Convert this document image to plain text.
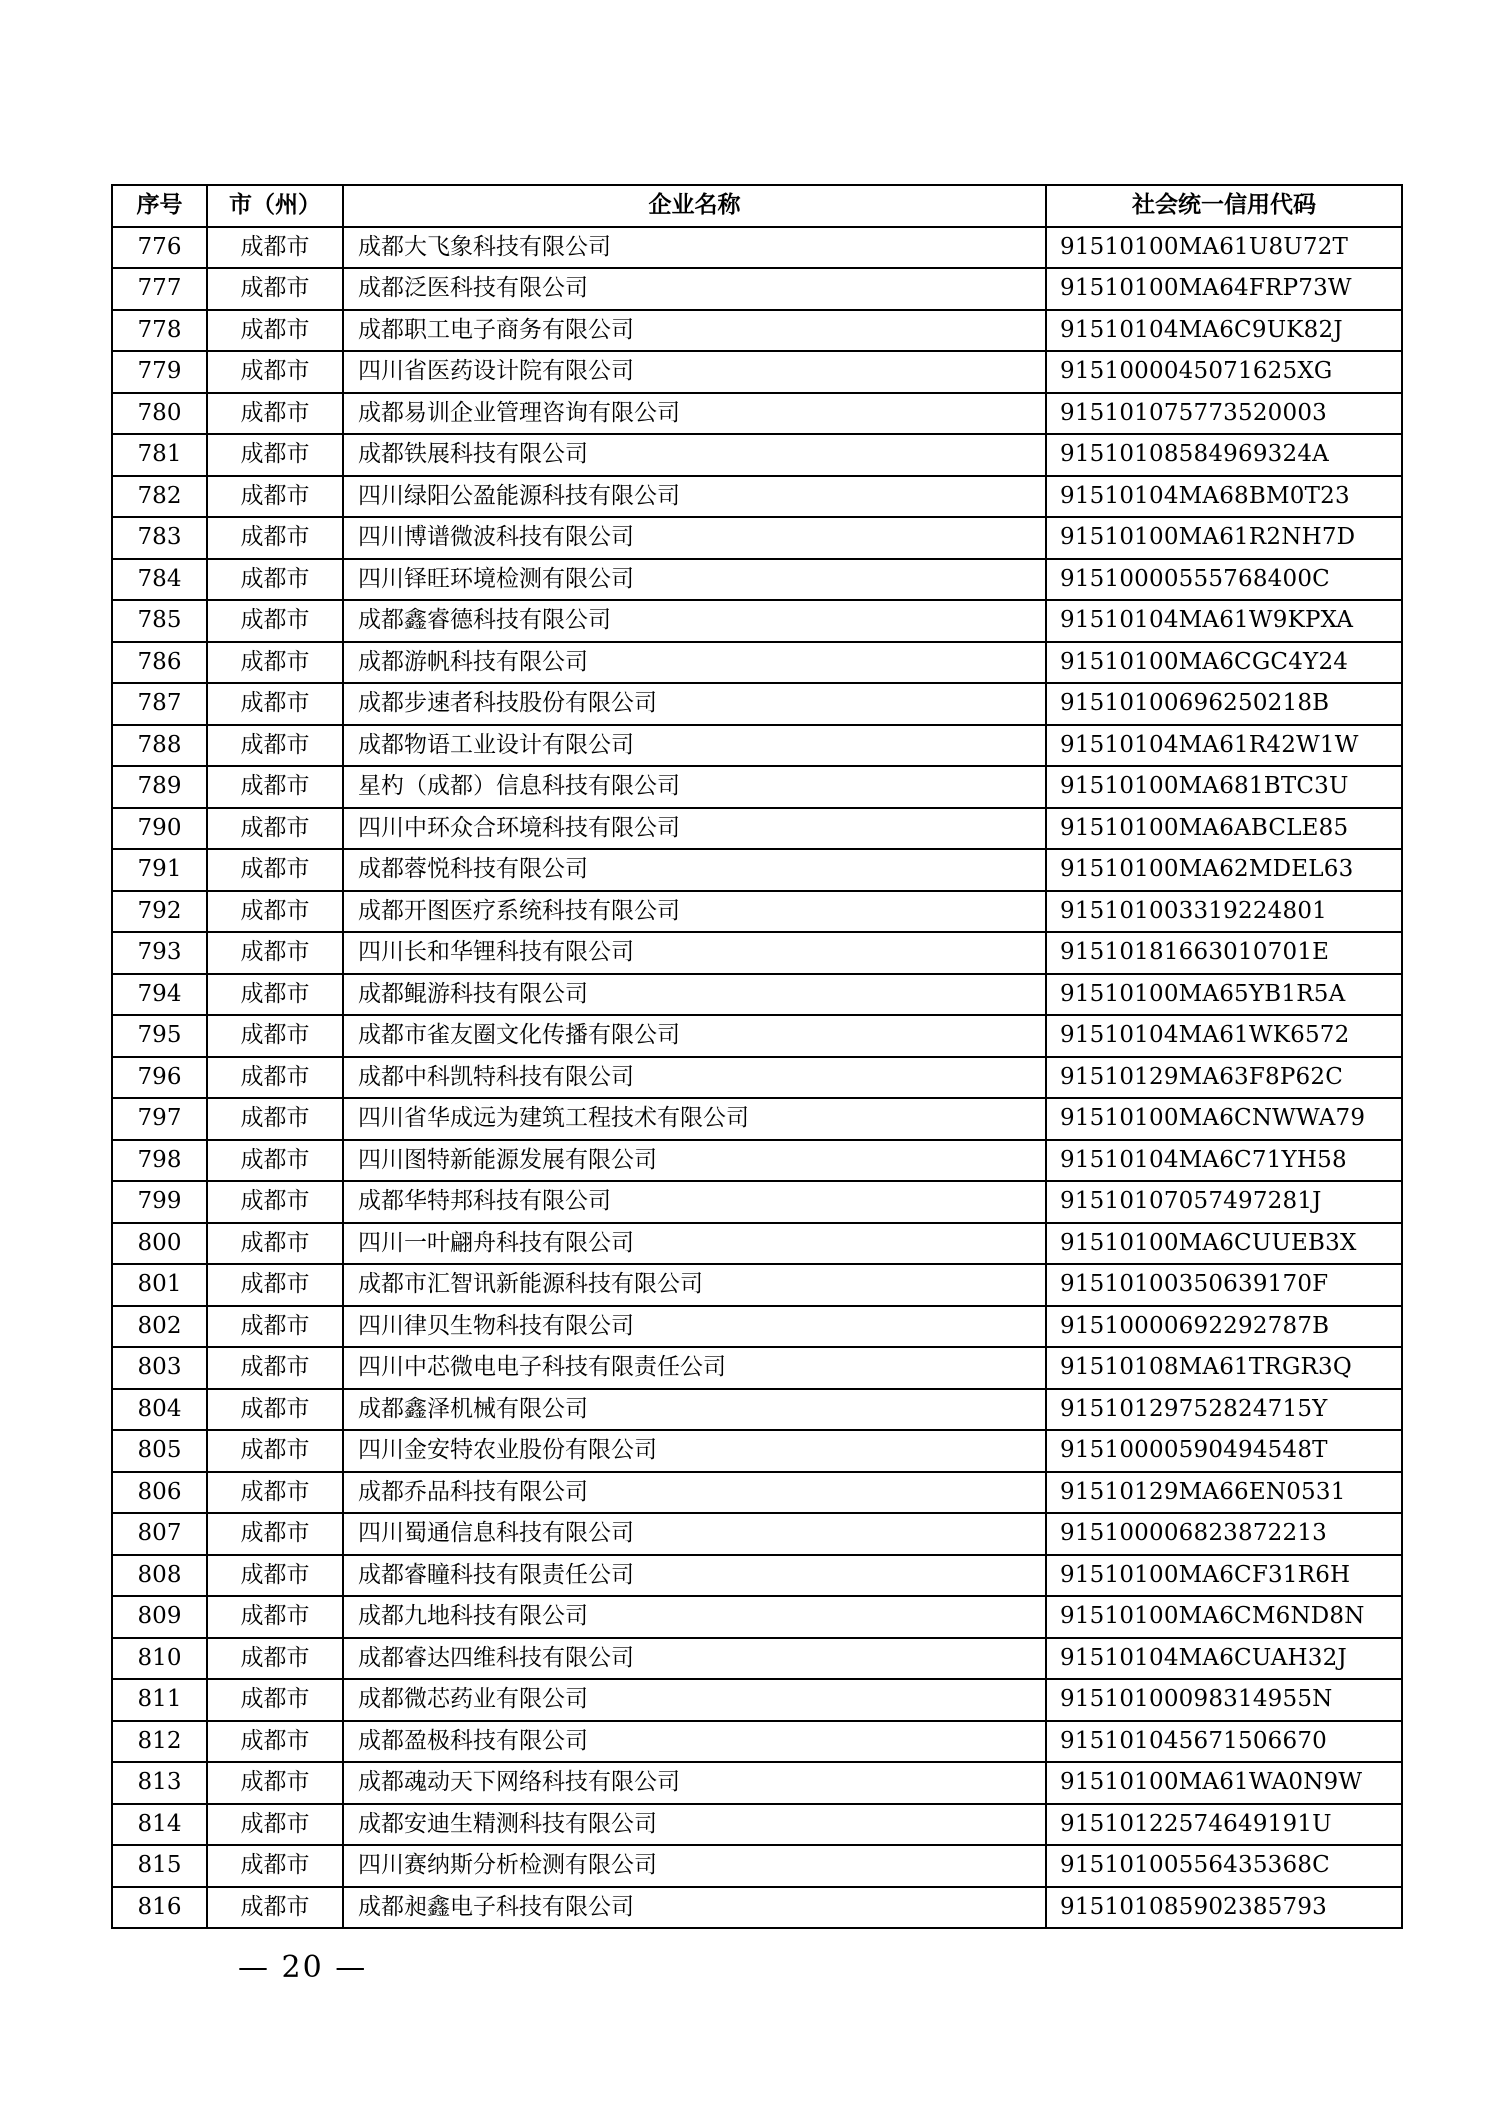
序号	市（州）	企业名称	社会统一信用代码
776	成都市	成都大飞象科技有限公司	91510100MA61U8U72T
777	成都市	成都泛医科技有限公司	91510100MA64FRP73W
778	成都市	成都职工电子商务有限公司	91510104MA6C9UK82J
779	成都市	四川省医药设计院有限公司	9151000045071625XG
780	成都市	成都易训企业管理咨询有限公司	915101075773520003
781	成都市	成都铁展科技有限公司	91510108584969324A
782	成都市	四川绿阳公盈能源科技有限公司	91510104MA68BM0T23
783	成都市	四川博谱微波科技有限公司	91510100MA61R2NH7D
784	成都市	四川铎旺环境检测有限公司	91510000555768400C
785	成都市	成都鑫睿德科技有限公司	91510104MA61W9KPXA
786	成都市	成都游帆科技有限公司	91510100MA6CGC4Y24
787	成都市	成都步速者科技股份有限公司	91510100696250218B
788	成都市	成都物语工业设计有限公司	91510104MA61R42W1W
789	成都市	星杓（成都）信息科技有限公司	91510100MA681BTC3U
790	成都市	四川中环众合环境科技有限公司	91510100MA6ABCLE85
791	成都市	成都蓉悦科技有限公司	91510100MA62MDEL63
792	成都市	成都开图医疗系统科技有限公司	915101003319224801
793	成都市	四川长和华锂科技有限公司	91510181663010701E
794	成都市	成都鲲游科技有限公司	91510100MA65YB1R5A
795	成都市	成都市雀友圈文化传播有限公司	91510104MA61WK6572
796	成都市	成都中科凯特科技有限公司	91510129MA63F8P62C
797	成都市	四川省华成远为建筑工程技术有限公司	91510100MA6CNWWA79
798	成都市	四川图特新能源发展有限公司	91510104MA6C71YH58
799	成都市	成都华特邦科技有限公司	91510107057497281J
800	成都市	四川一叶翩舟科技有限公司	91510100MA6CUUEB3X
801	成都市	成都市汇智讯新能源科技有限公司	91510100350639170F
802	成都市	四川律贝生物科技有限公司	91510000692292787B
803	成都市	四川中芯微电电子科技有限责任公司	91510108MA61TRGR3Q
804	成都市	成都鑫泽机械有限公司	91510129752824715Y
805	成都市	四川金安特农业股份有限公司	91510000590494548T
806	成都市	成都乔品科技有限公司	91510129MA66EN0531
807	成都市	四川蜀通信息科技有限公司	915100006823872213
808	成都市	成都睿瞳科技有限责任公司	91510100MA6CF31R6H
809	成都市	成都九地科技有限公司	91510100MA6CM6ND8N
810	成都市	成都睿达四维科技有限公司	91510104MA6CUAH32J
811	成都市	成都微芯药业有限公司	91510100098314955N
812	成都市	成都盈极科技有限公司	915101045671506670
813	成都市	成都魂动天下网络科技有限公司	91510100MA61WA0N9W
814	成都市	成都安迪生精测科技有限公司	91510122574649191U
815	成都市	四川赛纳斯分析检测有限公司	91510100556435368C
816	成都市	成都昶鑫电子科技有限公司	915101085902385793
— 20 —
